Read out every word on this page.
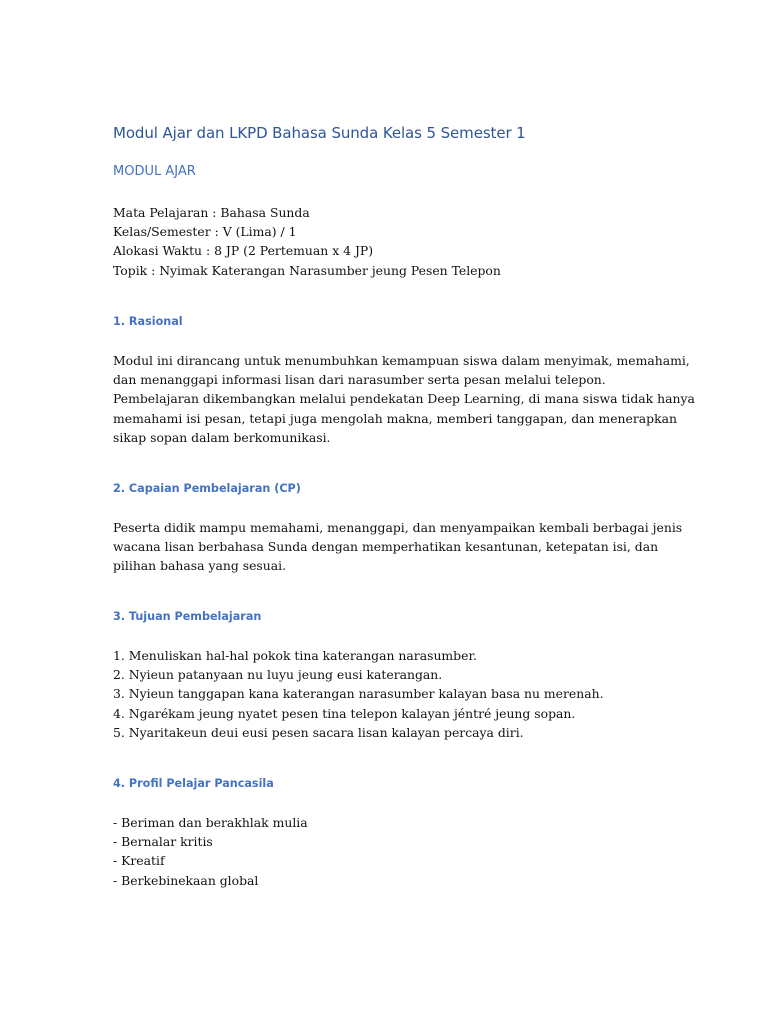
Modul Ajar dan LKPD Bahasa Sunda Kelas 5 Semester 1
MODUL AJAR

Mata Pelajaran : Bahasa Sunda

Kelas/Semester : V (Lima) / 1

Alokasi Waktu : 8 JP (2 Pertemuan x 4 JP)

Topik : Nyimak Katerangan Narasumber jeung Pesen Telepon

1. Rasional
Modul ini dirancang untuk menumbuhkan kemampuan siswa dalam menyimak, memahami,
dan menanggapi informasi lisan dari narasumber serta pesan melalui telepon.
Pembelajaran dikembangkan melalui pendekatan Deep Learning, di mana siswa tidak hanya
memahami isi pesan, tetapi juga mengolah makna, memberi tanggapan, dan menerapkan
sikap sopan dalam berkomunikasi.
2. Capaian Pembelajaran (CP)
Peserta didik mampu memahami, menanggapi, dan menyampaikan kembali berbagai jenis
wacana lisan berbahasa Sunda dengan memperhatikan kesantunan, ketepatan isi, dan
pilihan bahasa yang sesuai.
3. Tujuan Pembelajaran
1. Menuliskan hal-hal pokok tina katerangan narasumber.
2. Nyieun patanyaan nu luyu jeung eusi katerangan.
3. Nyieun tanggapan kana katerangan narasumber kalayan basa nu merenah.
4. Ngarékam jeung nyatet pesen tina telepon kalayan jéntré jeung sopan.
5. Nyaritakeun deui eusi pesen sacara lisan kalayan percaya diri.
4. Profil Pelajar Pancasila
- Beriman dan berakhlak mulia
- Bernalar kritis
- Kreatif
- Berkebinekaan global
